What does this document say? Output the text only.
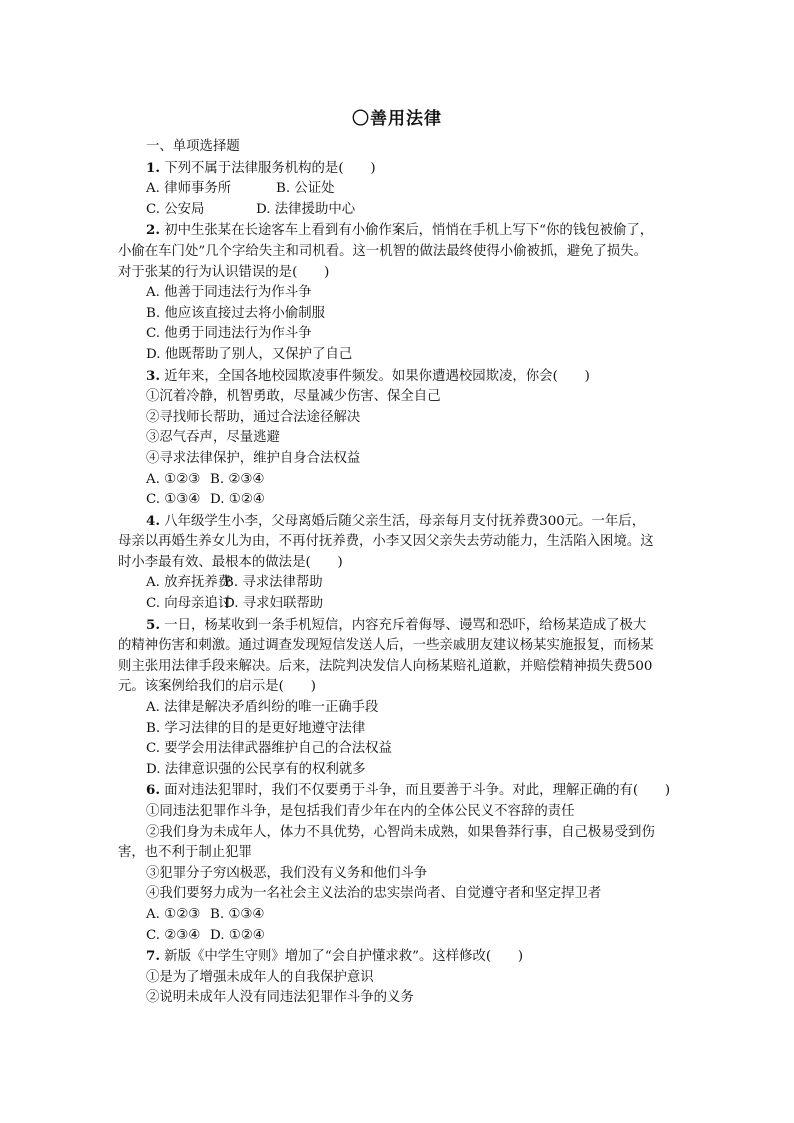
〇善用法律
一、单项选择题
1. 下列不属于法律服务机构的是(　　)
A. 律师事务所	B. 公证处
C. 公安局	D. 法律援助中心
2. 初中生张某在长途客车上看到有小偷作案后，悄悄在手机上写下“你的钱包被偷了，
小偷在车门处”几个字给失主和司机看。这一机智的做法最终使得小偷被抓，避免了损失。
对于张某的行为认识错误的是(　　)
A. 他善于同违法行为作斗争
B. 他应该直接过去将小偷制服
C. 他勇于同违法行为作斗争
D. 他既帮助了别人，又保护了自己
3. 近年来，全国各地校园欺凌事件频发。如果你遭遇校园欺凌，你会(　　)
①沉着冷静，机智勇敢，尽量减少伤害、保全自己
②寻找师长帮助，通过合法途径解决
③忍气吞声，尽量逃避
④寻求法律保护，维护自身合法权益
A. ①②③ B. ②③④
C. ①③④ D. ①②④
4. 八年级学生小李，父母离婚后随父亲生活，母亲每月支付抚养费300元。一年后，
母亲以再婚生养女儿为由，不再付抚养费，小李又因父亲失去劳动能力，生活陷入困境。这
时小李最有效、最根本的做法是(　　)
A. 放弃抚养费B. 寻求法律帮助
C. 向母亲追讨D. 寻求妇联帮助
5. 一日，杨某收到一条手机短信，内容充斥着侮辱、谩骂和恐吓，给杨某造成了极大
的精神伤害和刺激。通过调查发现短信发送人后，一些亲戚朋友建议杨某实施报复，而杨某
则主张用法律手段来解决。后来，法院判决发信人向杨某赔礼道歉，并赔偿精神损失费500
元。该案例给我们的启示是(　　)
A. 法律是解决矛盾纠纷的唯一正确手段
B. 学习法律的目的是更好地遵守法律
C. 要学会用法律武器维护自己的合法权益
D. 法律意识强的公民享有的权利就多
6. 面对违法犯罪时，我们不仅要勇于斗争，而且要善于斗争。对此，理解正确的有(　　)
①同违法犯罪作斗争，是包括我们青少年在内的全体公民义不容辞的责任
②我们身为未成年人，体力不具优势，心智尚未成熟，如果鲁莽行事，自己极易受到伤
害，也不利于制止犯罪
③犯罪分子穷凶极恶，我们没有义务和他们斗争
④我们要努力成为一名社会主义法治的忠实崇尚者、自觉遵守者和坚定捍卫者
A. ①②③ B. ①③④
C. ②③④ D. ①②④
7. 新版《中学生守则》增加了“会自护懂求救”。这样修改(　　)
①是为了增强未成年人的自我保护意识
②说明未成年人没有同违法犯罪作斗争的义务
